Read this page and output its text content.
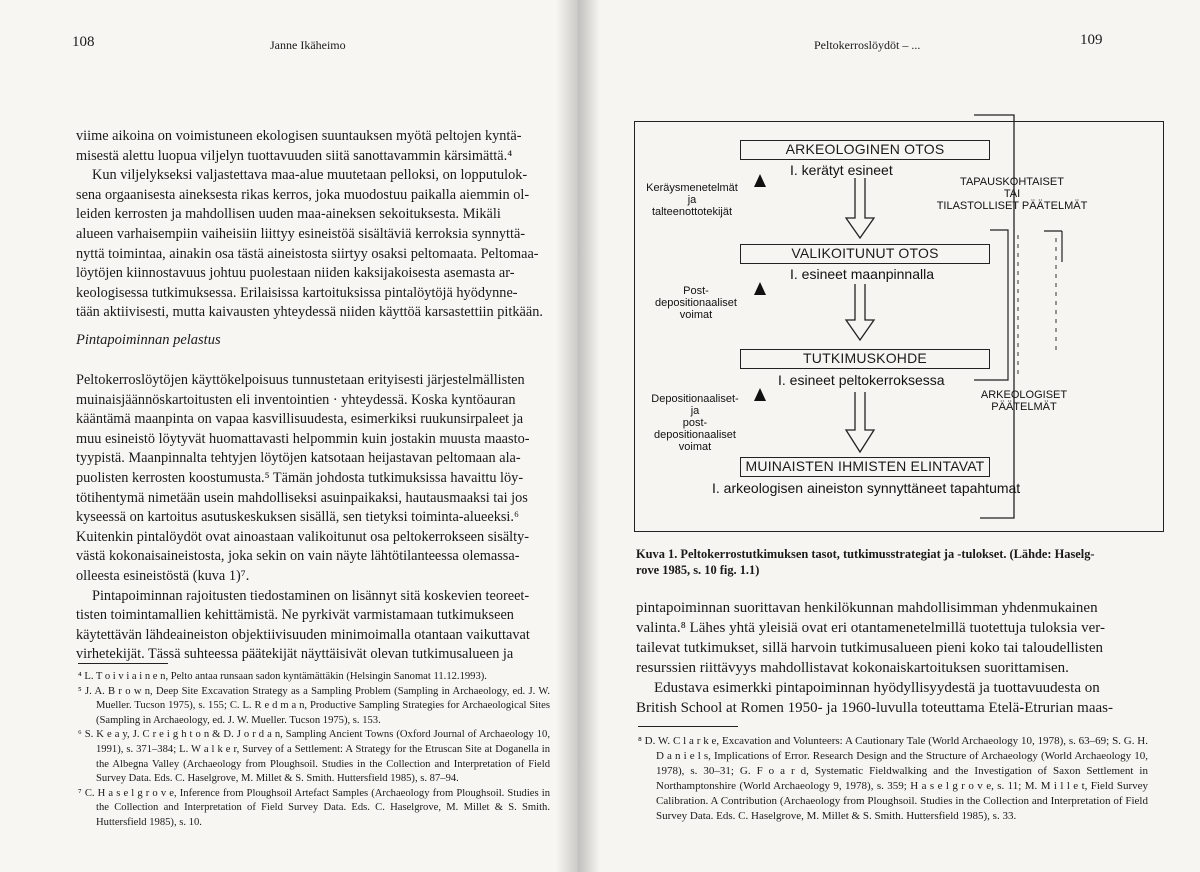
108	Janne Ikäheimo
viime aikoina on voimistuneen ekologisen suuntauksen myötä peltojen kyntä-
misestä alettu luopua viljelyn tuottavuuden siitä sanottavammin kärsimättä.⁴
Kun viljelykseksi valjastettava maa-alue muutetaan pelloksi, on lopputulok-
sena orgaanisesta aineksesta rikas kerros, joka muodostuu paikalla aiemmin ol-
leiden kerrosten ja mahdollisen uuden maa-aineksen sekoituksesta. Mikäli
alueen varhaisempiin vaiheisiin liittyy esineistöä sisältäviä kerroksia synnyttä-
nyttä toimintaa, ainakin osa tästä aineistosta siirtyy osaksi peltomaata. Peltomaa-
löytöjen kiinnostavuus johtuu puolestaan niiden kaksijakoisesta asemasta ar-
keologisessa tutkimuksessa. Erilaisissa kartoituksissa pintalöytöjä hyödynne-
tään aktiivisesti, mutta kaivausten yhteydessä niiden käyttöä karsastettiin pitkään.
Pintapoiminnan pelastus
Peltokerroslöytöjen käyttökelpoisuus tunnustetaan erityisesti järjestelmällisten
muinaisjäännöskartoitusten eli inventointien · yhteydessä. Koska kyntöauran
kääntämä maanpinta on vapaa kasvillisuudesta, esimerkiksi ruukunsirpaleet ja
muu esineistö löytyvät huomattavasti helpommin kuin jostakin muusta maasto-
tyypistä. Maanpinnalta tehtyjen löytöjen katsotaan heijastavan peltomaan ala-
puolisten kerrosten koostumusta.⁵ Tämän johdosta tutkimuksissa havaittu löy-
tötihentymä nimetään usein mahdolliseksi asuinpaikaksi, hautausmaaksi tai jos
kyseessä on kartoitus asutuskeskuksen sisällä, sen tietyksi toiminta-alueeksi.⁶
Kuitenkin pintalöydöt ovat ainoastaan valikoitunut osa peltokerrokseen sisälty-
västä kokonaisaineistosta, joka sekin on vain näyte lähtötilanteessa olemassa-
olleesta esineistöstä (kuva 1)⁷.
Pintapoiminnan rajoitusten tiedostaminen on lisännyt sitä koskevien teoreet-
tisten toimintamallien kehittämistä. Ne pyrkivät varmistamaan tutkimukseen
käytettävän lähdeaineiston objektiivisuuden minimoimalla otantaan vaikuttavat
virhetekijät. Tässä suhteessa päätekijät näyttäisivät olevan tutkimusalueen ja

⁴ L. T o i v i a i n e n, Pelto antaa runsaan sadon kyntämättäkin (Helsingin Sanomat 11.12.1993).

⁵ J. A. B r o w n, Deep Site Excavation Strategy as a Sampling Problem (Sampling in Archaeology, ed. J. W. Mueller. Tucson 1975), s. 155; C. L. R e d m a n, Productive Sampling Strategies for Archaeological Sites (Sampling in Archaeology, ed. J. W. Mueller. Tucson 1975), s. 153.

⁶ S. K e a y, J. C r e i g h t o n & D. J o r d a n, Sampling Ancient Towns (Oxford Journal of Archaeology 10, 1991), s. 371–384; L. W a l k e r, Survey of a Settlement: A Strategy for the Etruscan Site at Doganella in the Albegna Valley (Archaeology from Ploughsoil. Studies in the Collection and Interpretation of Field Survey Data. Eds. C. Haselgrove, M. Millet & S. Smith. Huttersfield 1985), s. 87–94.

⁷ C. H a s e l g r o v e, Inference from Ploughsoil Artefact Samples (Archaeology from Ploughsoil. Studies in the Collection and Interpretation of Field Survey Data. Eds. C. Haselgrove, M. Millet & S. Smith. Huttersfield 1985), s. 10.

Peltokerroslöydöt – ...	109
ARKEOLOGINEN OTOS
I. kerätyt esineet
VALIKOITUNUT OTOS
I. esineet maanpinnalla
TUTKIMUSKOHDE
I. esineet peltokerroksessa
MUINAISTEN IHMISTEN ELINTAVAT
I. arkeologisen aineiston synnyttäneet tapahtumat
Keräysmenetelmät
ja
talteenottotekijät
Post-
depositionaaliset
voimat
Depositionaaliset-
ja
post-
depositionaaliset
voimat
TAPAUSKOHTAISET
TAI
TILASTOLLISET PÄÄTELMÄT
ARKEOLOGISET
PÄÄTELMÄT
Kuva 1. Peltokerrostutkimuksen tasot, tutkimusstrategiat ja -tulokset. (Lähde: Haselg-
rove 1985, s. 10 fig. 1.1)
pintapoiminnan suorittavan henkilökunnan mahdollisimman yhdenmukainen
valinta.⁸ Lähes yhtä yleisiä ovat eri otantamenetelmillä tuotettuja tuloksia ver-
tailevat tutkimukset, sillä harvoin tutkimusalueen pieni koko tai taloudellisten
resurssien riittävyys mahdollistavat kokonaiskartoituksen suorittamisen.
Edustava esimerkki pintapoiminnan hyödyllisyydestä ja tuottavuudesta on
British School at Romen 1950- ja 1960-luvulla toteuttama Etelä-Etrurian maas-

⁸ D. W. C l a r k e, Excavation and Volunteers: A Cautionary Tale (World Archaeology 10, 1978), s. 63–69; S. G. H. D a n i e l s, Implications of Error. Research Design and the Structure of Archaeology (World Archaeology 10, 1978), s. 30–31; G. F o a r d, Systematic Fieldwalking and the Investigation of Saxon Settlement in Northamptonshire (World Archaeology 9, 1978), s. 359; H a s e l g r o v e, s. 11; M. M i l l e t, Field Survey Calibration. A Contribution (Archaeology from Ploughsoil. Studies in the Collection and Interpretation of Field Survey Data. Eds. C. Haselgrove, M. Millet & S. Smith. Huttersfield 1985), s. 33.
